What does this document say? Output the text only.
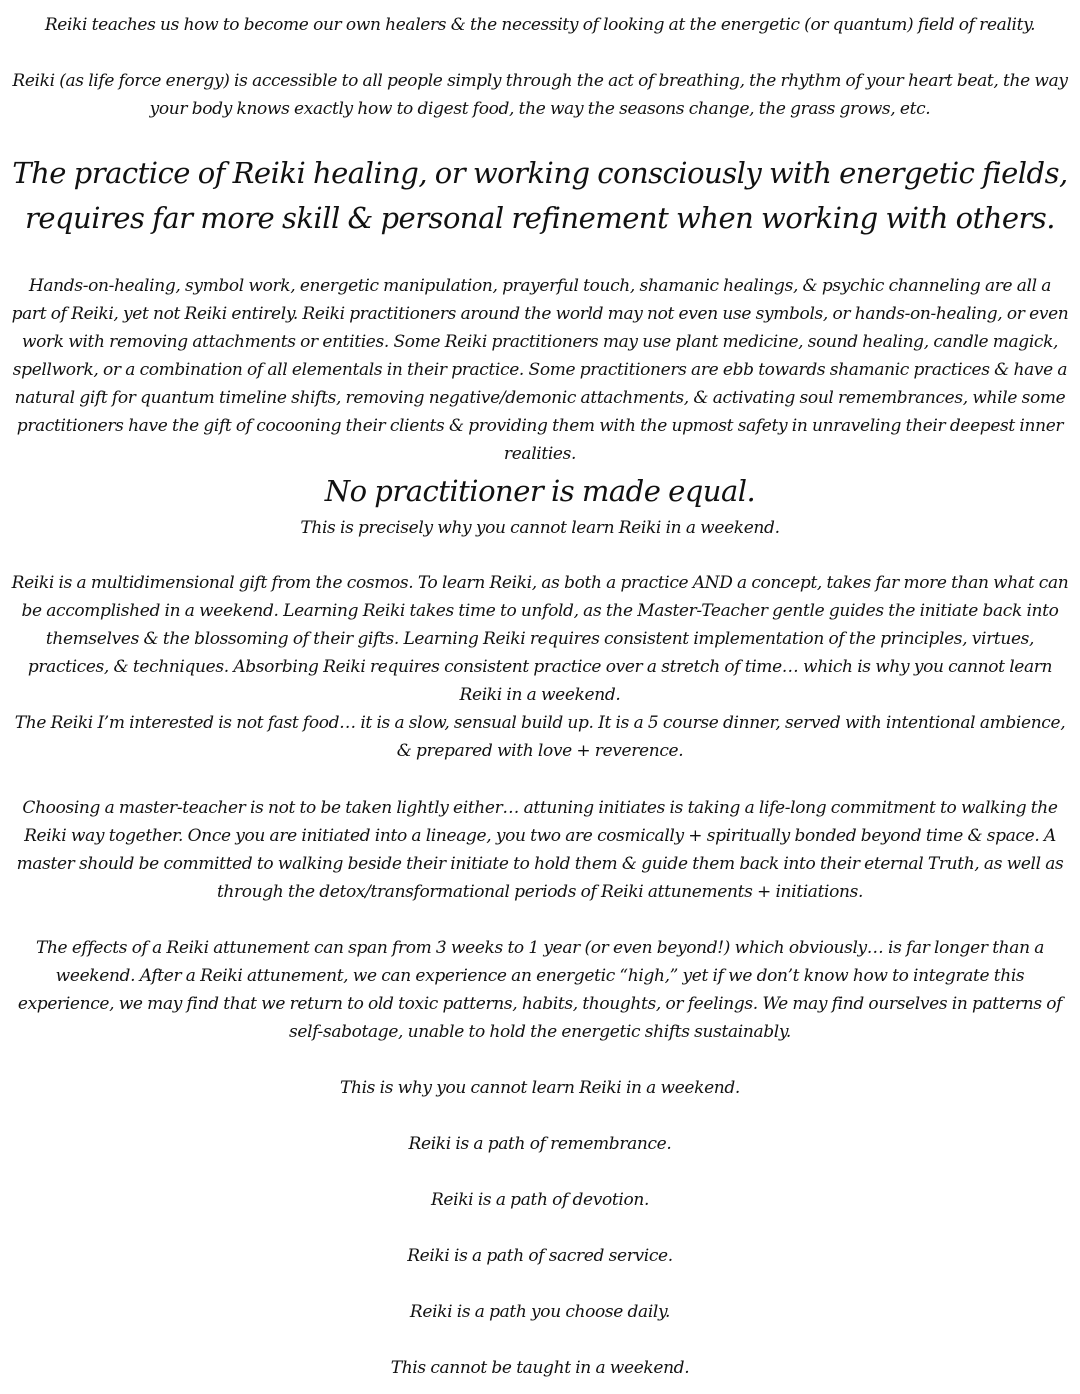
Reiki teaches us how to become our own healers & the necessity of looking at the energetic (or quantum) field of reality.

Reiki (as life force energy) is accessible to all people simply through the act of breathing, the rhythm of your heart beat, the way your body knows exactly how to digest food, the way the seasons change, the grass grows, etc.

The practice of Reiki healing, or working consciously with energetic fields, requires far more skill & personal refinement when working with others.

Hands-on-healing, symbol work, energetic manipulation, prayerful touch, shamanic healings, & psychic channeling are all a part of Reiki, yet not Reiki entirely. Reiki practitioners around the world may not even use symbols, or hands-on-healing, or even work with removing attachments or entities. Some Reiki practitioners may use plant medicine, sound healing, candle magick, spellwork, or a combination of all elementals in their practice. Some practitioners are ebb towards shamanic practices & have a natural gift for quantum timeline shifts, removing negative/demonic attachments, & activating soul remembrances, while some practitioners have the gift of cocooning their clients & providing them with the upmost safety in unraveling their deepest inner realities.

No practitioner is made equal.

This is precisely why you cannot learn Reiki in a weekend.

Reiki is a multidimensional gift from the cosmos. To learn Reiki, as both a practice AND a concept, takes far more than what can be accomplished in a weekend. Learning Reiki takes time to unfold, as the Master-Teacher gentle guides the initiate back into themselves & the blossoming of their gifts. Learning Reiki requires consistent implementation of the principles, virtues, practices, & techniques. Absorbing Reiki requires consistent practice over a stretch of time… which is why you cannot learn Reiki in a weekend.

The Reiki I’m interested is not fast food… it is a slow, sensual build up. It is a 5 course dinner, served with intentional ambience, & prepared with love + reverence.

Choosing a master-teacher is not to be taken lightly either… attuning initiates is taking a life-long commitment to walking the Reiki way together. Once you are initiated into a lineage, you two are cosmically + spiritually bonded beyond time & space. A master should be committed to walking beside their initiate to hold them & guide them back into their eternal Truth, as well as through the detox/transformational periods of Reiki attunements + initiations.

The effects of a Reiki attunement can span from 3 weeks to 1 year (or even beyond!) which obviously… is far longer than a weekend. After a Reiki attunement, we can experience an energetic “high,” yet if we don’t know how to integrate this experience, we may find that we return to old toxic patterns, habits, thoughts, or feelings. We may find ourselves in patterns of self-sabotage, unable to hold the energetic shifts sustainably.

This is why you cannot learn Reiki in a weekend.

Reiki is a path of remembrance.

Reiki is a path of devotion.

Reiki is a path of sacred service.

Reiki is a path you choose daily.

This cannot be taught in a weekend.
